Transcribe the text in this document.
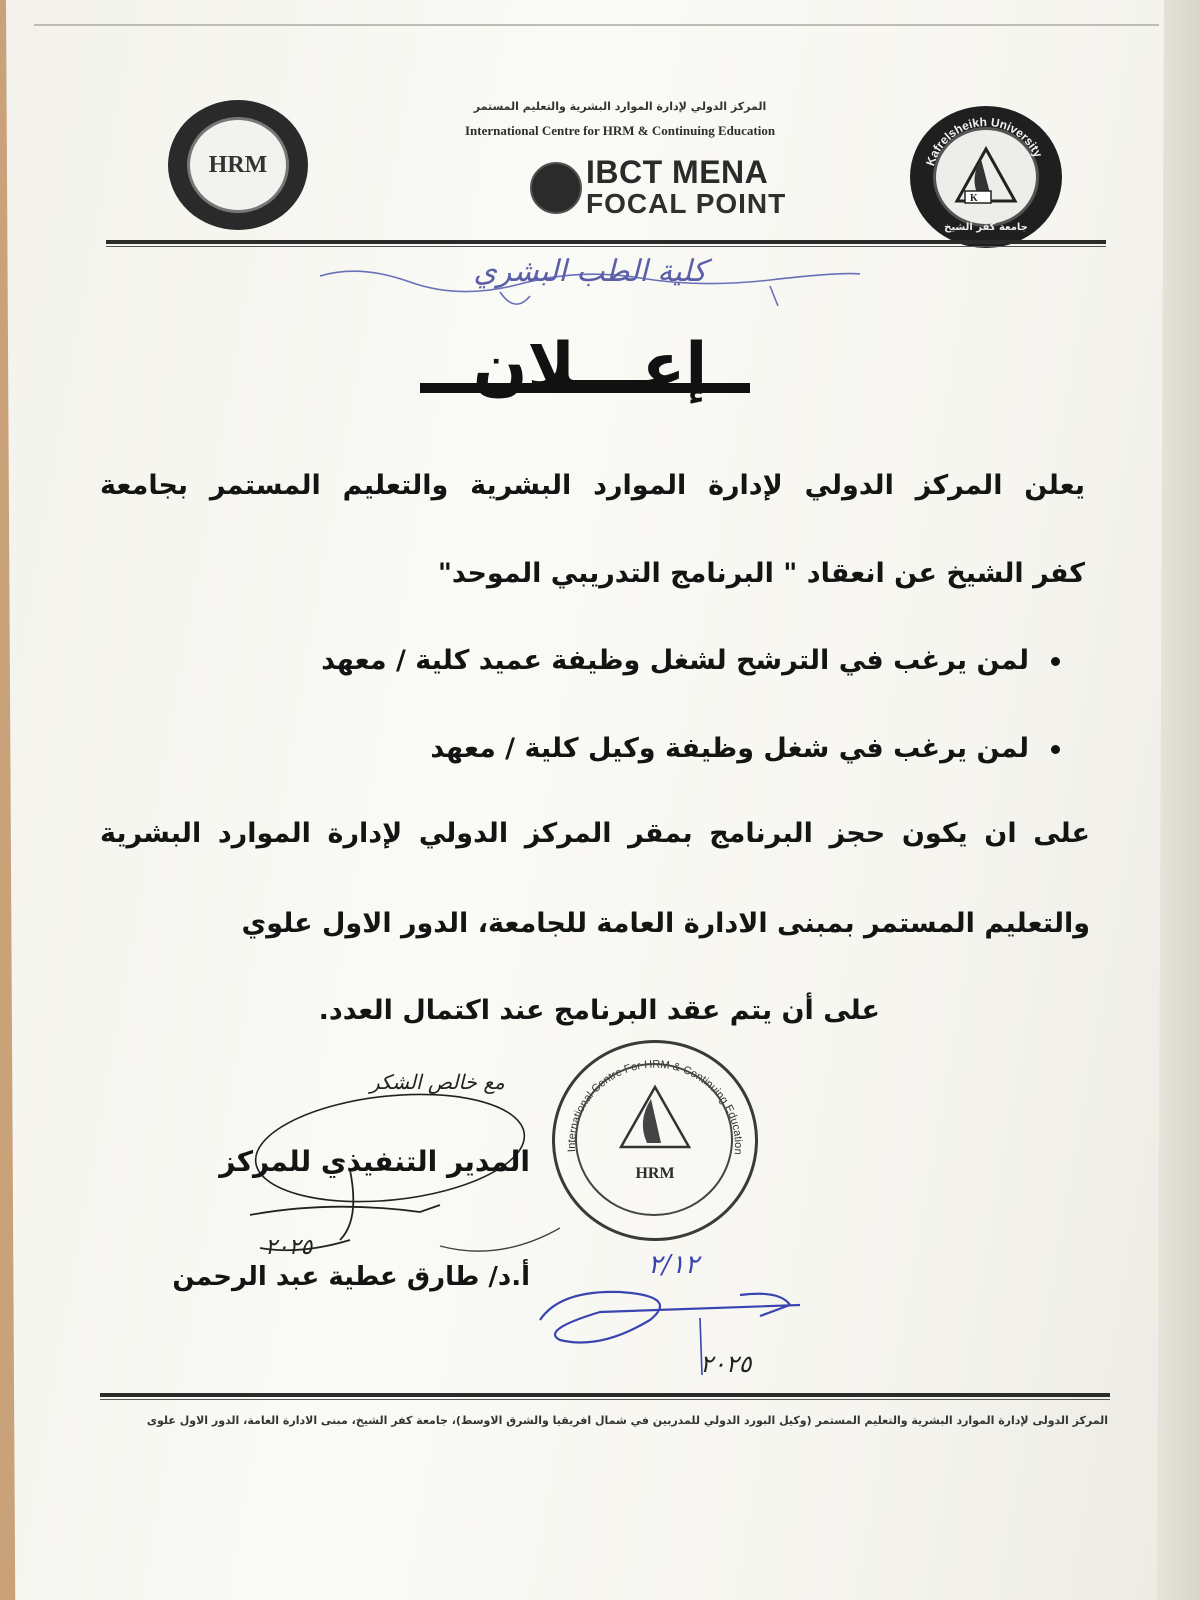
HRM
المركز الدولي لإدارة الموارد البشرية والتعليم المستمر
International Centre for HRM & Continuing Education
IBCT MENA
FOCAL POINT
Kafrelsheikh University
K
جامعة كفر الشيخ
كلية الطب البشري
إعـــلان
يعلن المركز الدولي لإدارة الموارد البشرية والتعليم المستمر بجامعة
كفر الشيخ عن انعقاد " البرنامج التدريبي الموحد"
لمن يرغب في الترشح لشغل وظيفة عميد كلية / معهد
لمن يرغب في شغل وظيفة وكيل كلية / معهد
على ان يكون حجز البرنامج بمقر المركز الدولي لإدارة الموارد البشرية
والتعليم المستمر بمبنى الادارة العامة للجامعة، الدور الاول علوي
على أن يتم عقد البرنامج عند اكتمال العدد.
International Centre For HRM & Continuing Education
HRM
مع خالص الشكر
المدير التنفيذي للمركز
٢٠٢٥
أ.د/ طارق عطية عبد الرحمن	٢/١٢
٢٠٢٥
المركز الدولى لإدارة الموارد البشرية والتعليم المستمر (وكيل البورد الدولي للمدربين في شمال افريقيا والشرق الاوسط)، جامعة كفر الشيخ، مبنى الادارة العامة، الدور الاول علوى
